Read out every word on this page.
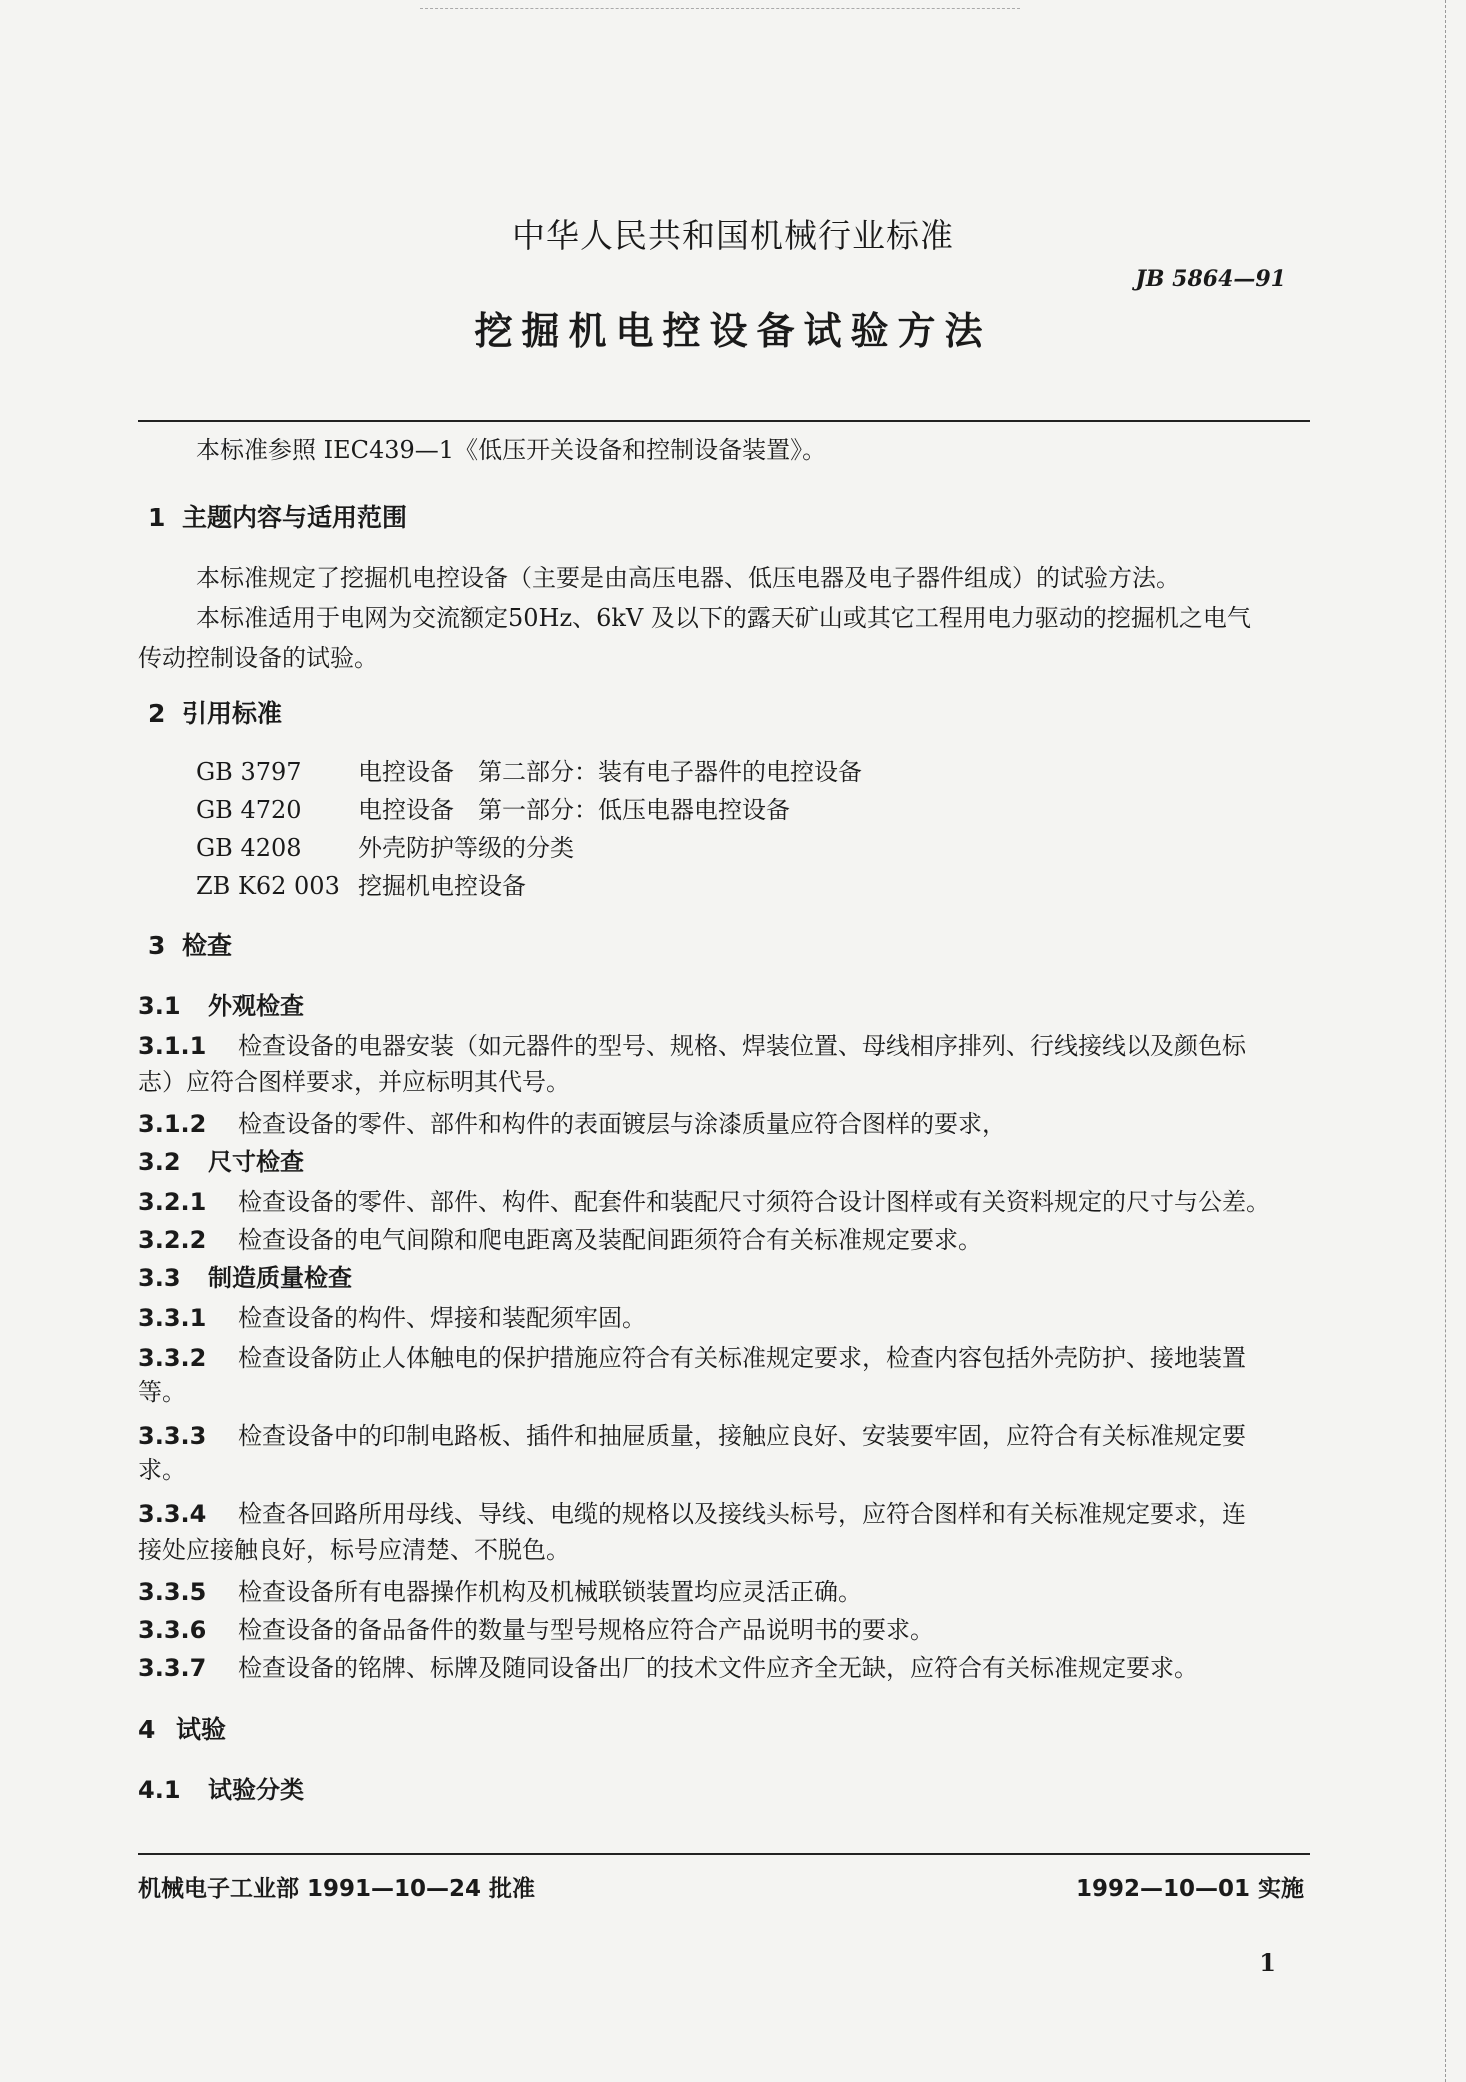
中华人民共和国机械行业标准
JB 5864—91
挖掘机电控设备试验方法
本标准参照 IEC439—1《低压开关设备和控制设备装置》。
1 主题内容与适用范围
本标准规定了挖掘机电控设备（主要是由高压电器、低压电器及电子器件组成）的试验方法。
本标准适用于电网为交流额定50Hz、6kV 及以下的露天矿山或其它工程用电力驱动的挖掘机之电气
传动控制设备的试验。
2 引用标准
GB 3797 电控设备　第二部分：装有电子器件的电控设备
GB 4720 电控设备　第一部分：低压电器电控设备
GB 4208 外壳防护等级的分类
ZB K62 003 挖掘机电控设备
3 检查
3.1 外观检查
3.1.1 检查设备的电器安装（如元器件的型号、规格、焊装位置、母线相序排列、行线接线以及颜色标
志）应符合图样要求，并应标明其代号。
3.1.2 检查设备的零件、部件和构件的表面镀层与涂漆质量应符合图样的要求，
3.2 尺寸检查
3.2.1 检查设备的零件、部件、构件、配套件和装配尺寸须符合设计图样或有关资料规定的尺寸与公差。
3.2.2 检查设备的电气间隙和爬电距离及装配间距须符合有关标准规定要求。
3.3 制造质量检查
3.3.1 检查设备的构件、焊接和装配须牢固。
3.3.2 检查设备防止人体触电的保护措施应符合有关标准规定要求，检查内容包括外壳防护、接地装置
等。
3.3.3 检查设备中的印制电路板、插件和抽屉质量，接触应良好、安装要牢固，应符合有关标准规定要
求。
3.3.4 检查各回路所用母线、导线、电缆的规格以及接线头标号，应符合图样和有关标准规定要求，连
接处应接触良好，标号应清楚、不脱色。
3.3.5 检查设备所有电器操作机构及机械联锁装置均应灵活正确。
3.3.6 检查设备的备品备件的数量与型号规格应符合产品说明书的要求。
3.3.7 检查设备的铭牌、标牌及随同设备出厂的技术文件应齐全无缺，应符合有关标准规定要求。
4 试验
4.1 试验分类
机械电子工业部 1991—10—24 批准	1992—10—01 实施
1
